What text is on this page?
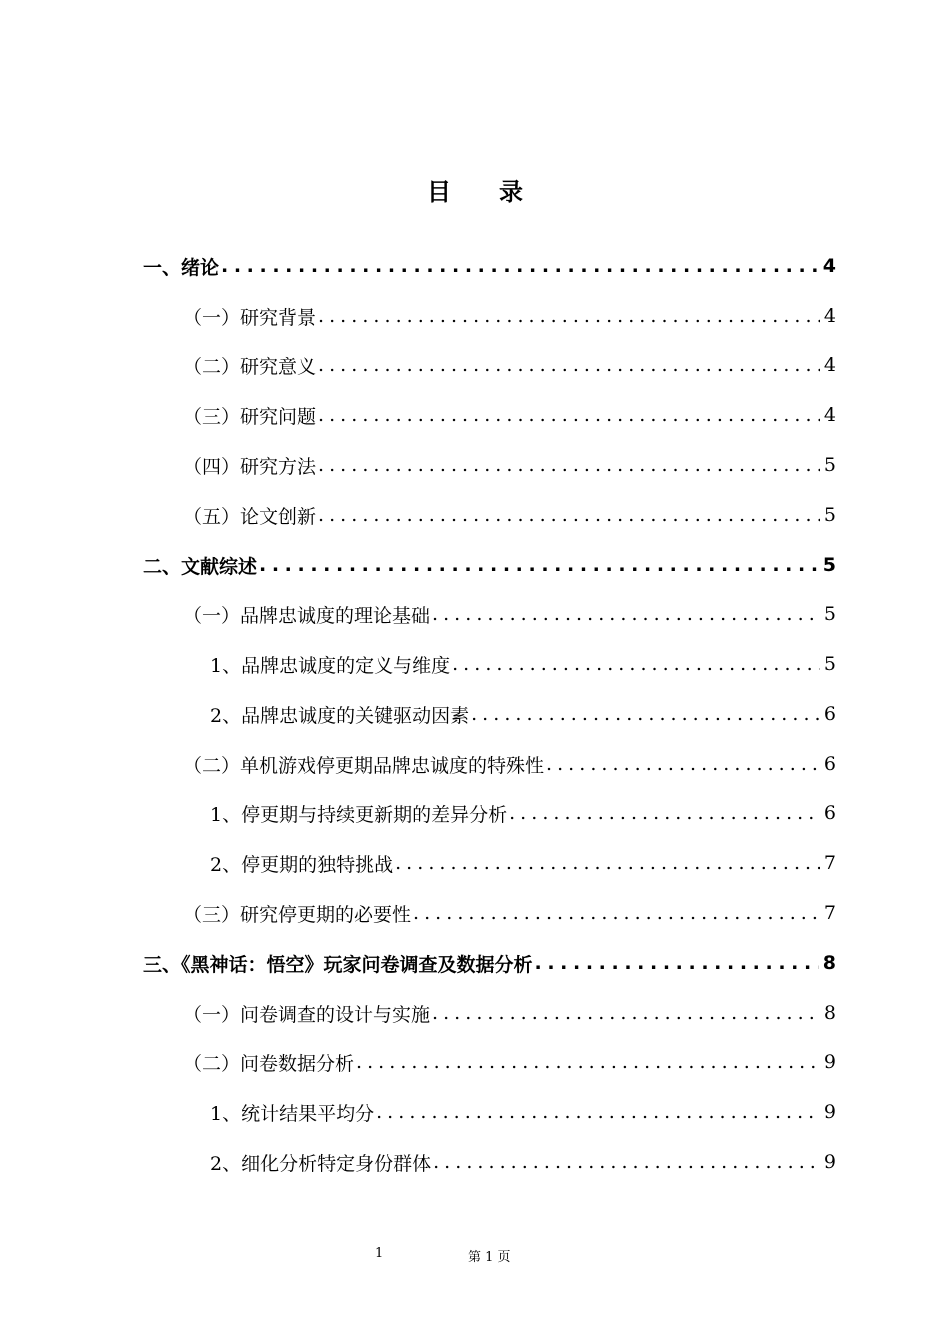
目　　录
一、绪论 . . .	4
（一）研究背景 . . .	4
（二）研究意义 . . .	4
（三）研究问题 . . .	4
（四）研究方法 . . .	5
（五）论文创新 . . .	5
二、文献综述 . . .	5
（一）品牌忠诚度的理论基础 . . .	5
1、品牌忠诚度的定义与维度 . . .	5
2、品牌忠诚度的关键驱动因素 . . .	6
（二）单机游戏停更期品牌忠诚度的特殊性 . . .	6
1、停更期与持续更新期的差异分析 . . .	6
2、停更期的独特挑战 . . .	7
（三）研究停更期的必要性 . . .	7
三、《黑神话：悟空》玩家问卷调查及数据分析 . . .	8
（一）问卷调查的设计与实施 . . .	8
（二）问卷数据分析 . . .	9
1、统计结果平均分 . . .	9
2、细化分析特定身份群体 . . .	9
1	第 1 页
